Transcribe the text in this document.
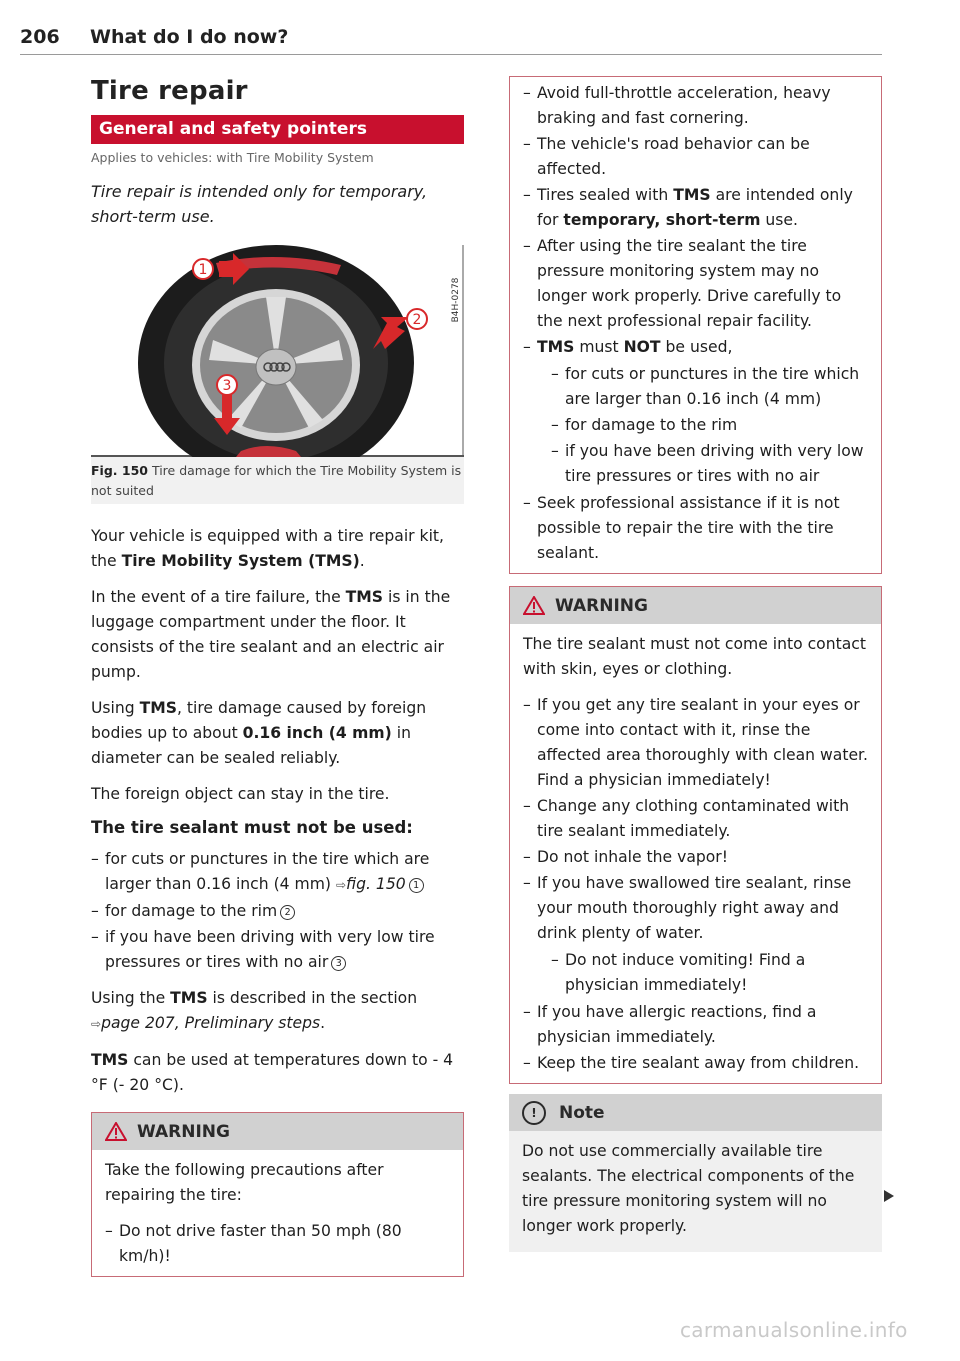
206 What do I do now?
Tire repair
General and safety pointers
Applies to vehicles: with Tire Mobility System
Tire repair is intended only for temporary, short-term use.
1
2
3
B4H-0278
Fig. 150 Tire damage for which the Tire Mobility System is not suited

Your vehicle is equipped with a tire repair kit, the Tire Mobility System (TMS).

In the event of a tire failure, the TMS is in the luggage compartment under the floor. It consists of the tire sealant and an electric air pump.

Using TMS, tire damage caused by foreign bodies up to about 0.16 inch (4 mm) in diameter can be sealed reliably.

The foreign object can stay in the tire.

The tire sealant must not be used:
– for cuts or punctures in the tire which are larger than 0.16 inch (4 mm) ⇨fig. 150 1
– for damage to the rim 2
– if you have been driving with very low tire pressures or tires with no air 3

Using the TMS is described in the section
⇨page 207, Preliminary steps.

TMS can be used at temperatures down to - 4 °F (- 20 °C).

WARNING

Take the following precautions after repairing the tire:

– Do not drive faster than 50 mph (80 km/h)!
– Avoid full-throttle acceleration, heavy braking and fast cornering.
– The vehicle's road behavior can be affected.
– Tires sealed with TMS are intended only for temporary, short-term use.
– After using the tire sealant the tire pressure monitoring system may no longer work properly. Drive carefully to the next professional repair facility.
– TMS must NOT be used,
– for cuts or punctures in the tire which are larger than 0.16 inch (4 mm)
– for damage to the rim
– if you have been driving with very low tire pressures or tires with no air
– Seek professional assistance if it is not possible to repair the tire with the tire sealant.
WARNING

The tire sealant must not come into contact with skin, eyes or clothing.

– If you get any tire sealant in your eyes or come into contact with it, rinse the affected area thoroughly with clean water. Find a physician immediately!
– Change any clothing contaminated with tire sealant immediately.
– Do not inhale the vapor!
– If you have swallowed tire sealant, rinse your mouth thoroughly right away and drink plenty of water.
– Do not induce vomiting! Find a physician immediately!
– If you have allergic reactions, find a physician immediately.
– Keep the tire sealant away from children.
!	Note

Do not use commercially available tire sealants. The electrical components of the tire pressure monitoring system will no longer work properly.

carmanualsonline.info
